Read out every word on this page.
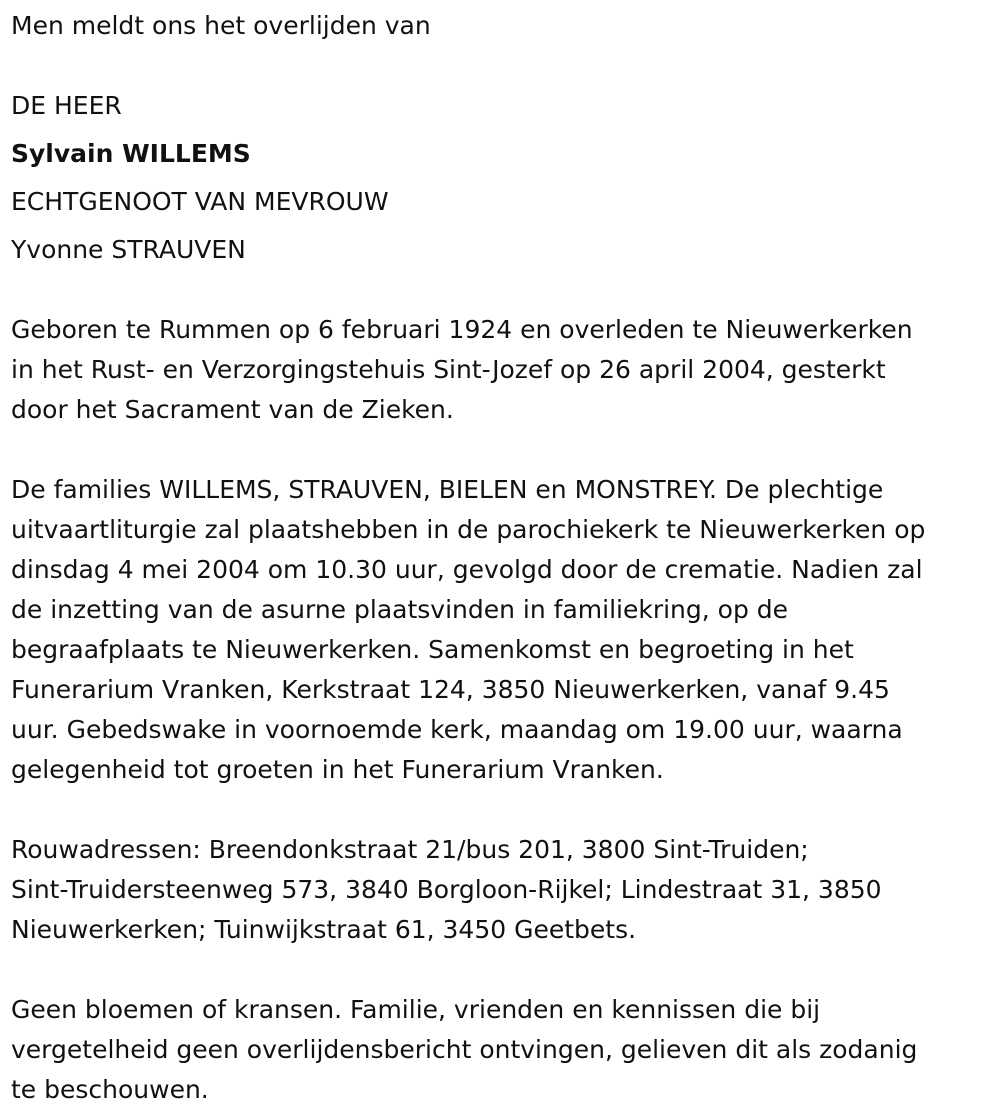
Men meldt ons het overlijden van

DE HEER

Sylvain WILLEMS

ECHTGENOOT VAN MEVROUW

Yvonne STRAUVEN

Geboren te Rummen op 6 februari 1924 en overleden te Nieuwerkerken

in het Rust- en Verzorgingstehuis Sint-Jozef op 26 april 2004, gesterkt

door het Sacrament van de Zieken.

De families WILLEMS, STRAUVEN, BIELEN en MONSTREY. De plechtige

uitvaartliturgie zal plaatshebben in de parochiekerk te Nieuwerkerken op

dinsdag 4 mei 2004 om 10.30 uur, gevolgd door de crematie. Nadien zal

de inzetting van de asurne plaatsvinden in familiekring, op de

begraafplaats te Nieuwerkerken. Samenkomst en begroeting in het

Funerarium Vranken, Kerkstraat 124, 3850 Nieuwerkerken, vanaf 9.45

uur. Gebedswake in voornoemde kerk, maandag om 19.00 uur, waarna

gelegenheid tot groeten in het Funerarium Vranken.

Rouwadressen: Breendonkstraat 21/bus 201, 3800 Sint-Truiden;

Sint-Truidersteenweg 573, 3840 Borgloon-Rijkel; Lindestraat 31, 3850

Nieuwerkerken; Tuinwijkstraat 61, 3450 Geetbets.

Geen bloemen of kransen. Familie, vrienden en kennissen die bij

vergetelheid geen overlijdensbericht ontvingen, gelieven dit als zodanig

te beschouwen.
